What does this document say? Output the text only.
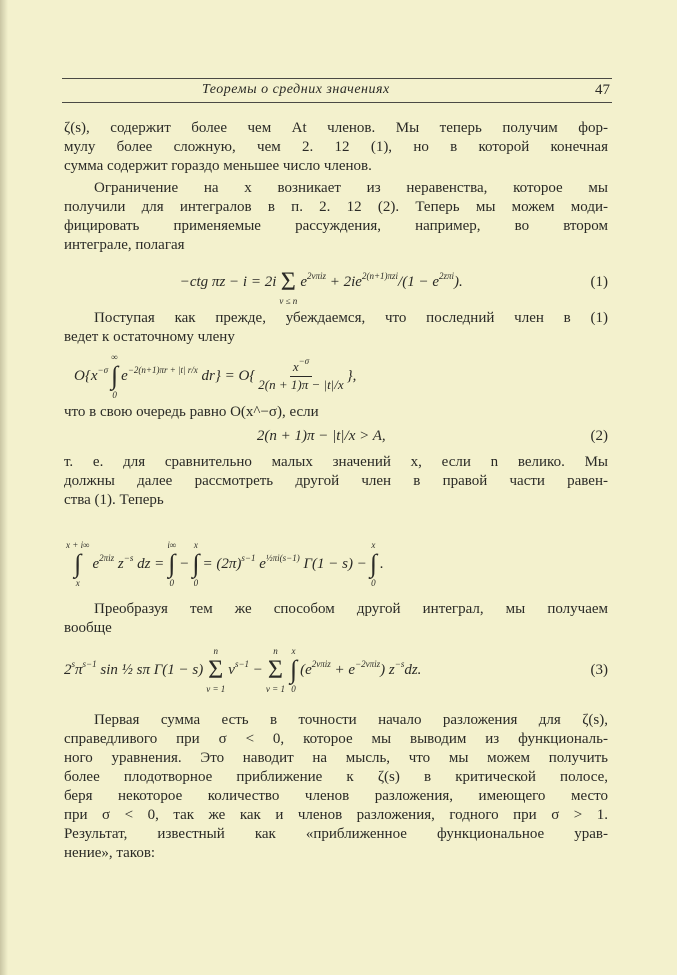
Теоремы о средних значениях	47
ζ(s), содержит более чем At членов. Мы теперь получим фор-
мулу более сложную, чем 2. 12 (1), но в которой конечная
сумма содержит гораздо меньшее число членов.
Ограничение на x возникает из неравенства, которое мы
получили для интегралов в п. 2. 12 (2). Теперь мы можем моди-
фицировать применяемые рассуждения, например, во втором
интеграле, полагая
−ctg πz − i = 2i Σ
ν ≤ n
$e^{2\nu\pi iz} + 2ie^{2(n+1)\pi zi}/(1 - e^{2z\pi i})$.	(1)
Поступая как прежде, убеждаемся, что последний член в (1)
ведет к остаточному члену
$O\{x^{-\sigma}$
∞
∫
0
$e^{-2(n+1)\pi r + |t| r/x}$ $dr\} = O\{ \frac{x^{-\sigma}}{2(n + 1)\pi - |t|/x}$ },
что в свою очередь равно O(x^−σ), если
2(n + 1)π − |t|/x > A,	(2)
т. е. для сравнительно малых значений x, если n велико. Мы
должны далее рассмотреть другой член в правой части равен-
ства (1). Теперь
x + i∞
∫
x
$e^{2\pi iz}$ $z^{-s}$ dz =
i∞
∫
0
−
x
∫
0
= $(2\pi)^{s-1}$ $e^{\frac{1}{2}\pi i(s-1)}$ Γ(1 − s) −
x
∫
0
.
Преобразуя тем же способом другой интеграл, мы получаем
вообще
$2^s\pi^{s-1}$ sin ½ sπ Γ(1 − s)
n
Σ
ν = 1
$\nu^{s-1}$ −
n
Σ
ν = 1
x
∫
0
$(e^{2\nu\pi iz} + e^{-2\nu\pi iz})$ $z^{-s}dz$.	(3)
Первая сумма есть в точности начало разложения для ζ(s),
справедливого при σ < 0, которое мы выводим из функциональ-
ного уравнения. Это наводит на мысль, что мы можем получить
более плодотворное приближение к ζ(s) в критической полосе,
беря некоторое количество членов разложения, имеющего место
при σ < 0, так же как и членов разложения, годного при σ > 1.
Результат, известный как «приближенное функциональное урав-
нение», таков:
